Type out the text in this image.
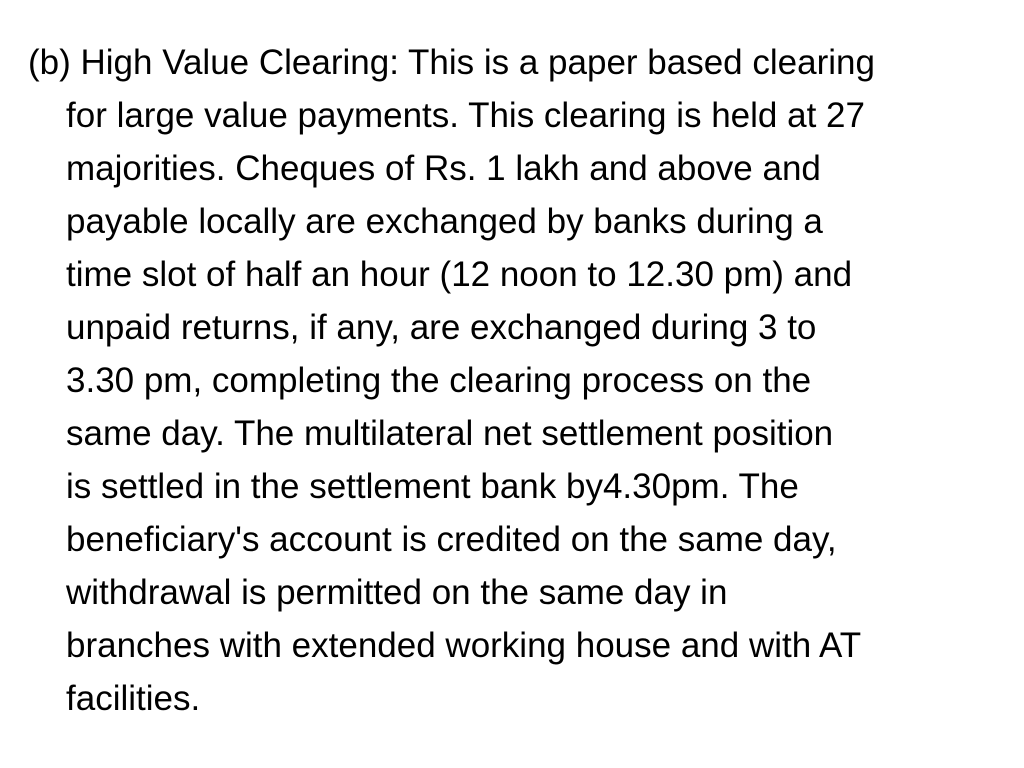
(b) High Value Clearing: This is a paper based clearing
for large value payments. This clearing is held at 27
majorities. Cheques of Rs. 1 lakh and above and
payable locally are exchanged by banks during a
time slot of half an hour (12 noon to 12.30 pm) and
unpaid returns, if any, are exchanged during 3 to
3.30 pm, completing the clearing process on the
same day. The multilateral net settlement position
is settled in the settlement bank by4.30pm. The
beneficiary's account is credited on the same day,
withdrawal is permitted on the same day in
branches with extended working house and with AT
facilities.
